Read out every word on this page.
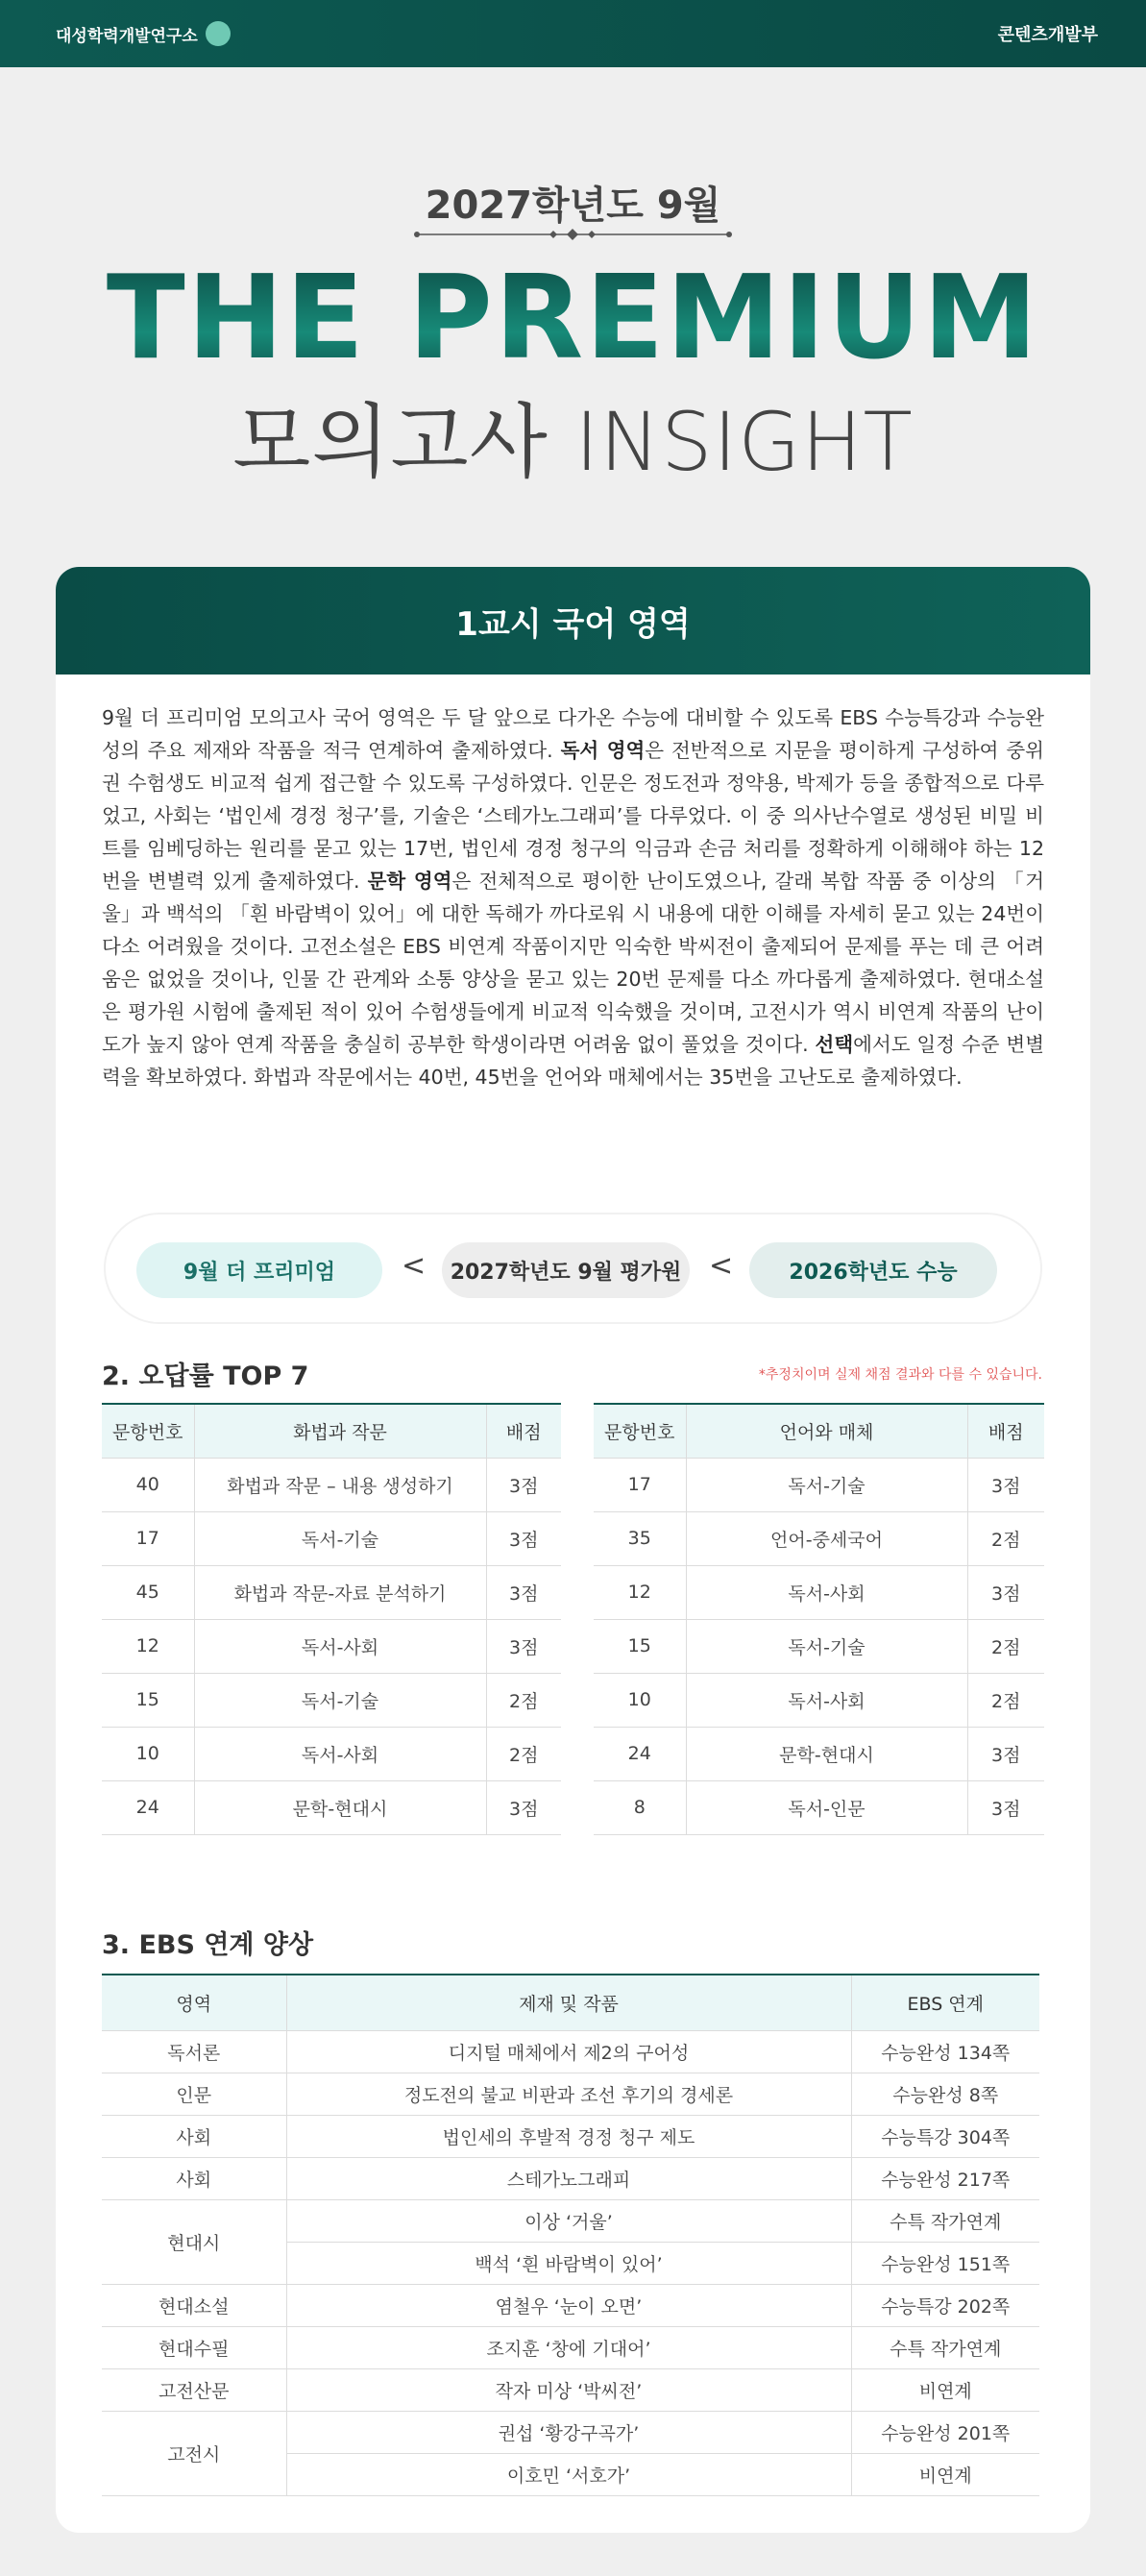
대성학력개발연구소	콘텐츠개발부
2027학년도 9월
THE PREMIUM
모의고사 INSIGHT
1교시 국어 영역
9월 더 프리미엄 모의고사 국어 영역은 두 달 앞으로 다가온 수능에 대비할 수 있도록 EBS 수능특강과 수능완성의 주요 제재와 작품을 적극 연계하여 출제하였다. 독서 영역은 전반적으로 지문을 평이하게 구성하여 중위권 수험생도 비교적 쉽게 접근할 수 있도록 구성하였다. 인문은 정도전과 정약용, 박제가 등을 종합적으로 다루었고, 사회는 ‘법인세 경정 청구’를, 기술은 ‘스테가노그래피’를 다루었다. 이 중 의사난수열로 생성된 비밀 비트를 임베딩하는 원리를 묻고 있는 17번, 법인세 경정 청구의 익금과 손금 처리를 정확하게 이해해야 하는 12번을 변별력 있게 출제하였다. 문학 영역은 전체적으로 평이한 난이도였으나, 갈래 복합 작품 중 이상의 「거울」과 백석의 「흰 바람벽이 있어」에 대한 독해가 까다로워 시 내용에 대한 이해를 자세히 묻고 있는 24번이 다소 어려웠을 것이다. 고전소설은 EBS 비연계 작품이지만 익숙한 박씨전이 출제되어 문제를 푸는 데 큰 어려움은 없었을 것이나, 인물 간 관계와 소통 양상을 묻고 있는 20번 문제를 다소 까다롭게 출제하였다. 현대소설은 평가원 시험에 출제된 적이 있어 수험생들에게 비교적 익숙했을 것이며, 고전시가 역시 비연계 작품의 난이도가 높지 않아 연계 작품을 충실히 공부한 학생이라면 어려움 없이 풀었을 것이다. 선택에서도 일정 수준 변별력을 확보하였다. 화법과 작문에서는 40번, 45번을 언어와 매체에서는 35번을 고난도로 출제하였다.
9월 더 프리미엄	<	2027학년도 9월 평가원 <	2026학년도 수능
2. 오답률 TOP 7	*추정치이며 실제 채점 결과와 다를 수 있습니다.
문항번호	화법과 작문	배점
40	화법과 작문 – 내용 생성하기	3점
17	독서-기술	3점
45	화법과 작문-자료 분석하기	3점
12	독서-사회	3점
15	독서-기술	2점
10	독서-사회	2점
24	문학-현대시	3점
문항번호	언어와 매체	배점
17	독서-기술	3점
35	언어-중세국어	2점
12	독서-사회	3점
15	독서-기술	2점
10	독서-사회	2점
24	문학-현대시	3점
8	독서-인문	3점
3. EBS 연계 양상
영역	제재 및 작품	EBS 연계
독서론	디지털 매체에서 제2의 구어성	수능완성 134쪽
인문	정도전의 불교 비판과 조선 후기의 경세론	수능완성 8쪽
사회	법인세의 후발적 경정 청구 제도	수능특강 304쪽
사회	스테가노그래피	수능완성 217쪽
현대시	이상 ‘거울’	수특 작가연계
	백석 ‘흰 바람벽이 있어’	수능완성 151쪽
현대소설	염철우 ‘눈이 오면’	수능특강 202쪽
현대수필	조지훈 ‘창에 기대어’	수특 작가연계
고전산문	작자 미상 ‘박씨전’	비연계
고전시	권섭 ‘황강구곡가’	수능완성 201쪽
	이호민 ‘서호가’	비연계
